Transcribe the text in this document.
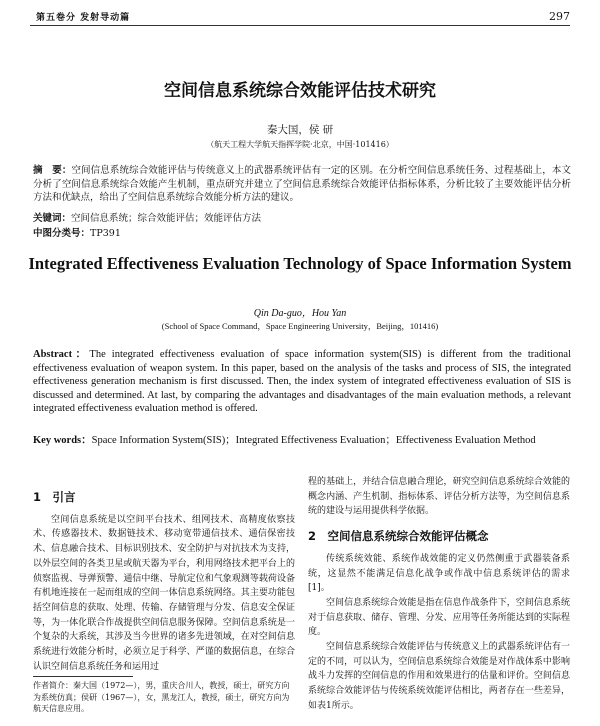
第五卷分 发射导动篇	297
空间信息系统综合效能评估技术研究
秦大国，侯 研
（航天工程大学航天指挥学院·北京，中国·101416）
摘　要：空间信息系统综合效能评估与传统意义上的武器系统评估有一定的区别。在分析空间信息系统任务、过程基础上，本文分析了空间信息系统综合效能产生机制，重点研究并建立了空间信息系统综合效能评估指标体系，分析比较了主要效能评估分析方法和优缺点，给出了空间信息系统综合效能分析方法的建议。
关键词：空间信息系统；综合效能评估；效能评估方法
中图分类号：TP391
Integrated Effectiveness Evaluation Technology of Space Information System
Qin Da-guo，Hou Yan
(School of Space Command，Space Engineering University，Beijing，101416)
Abstract：The integrated effectiveness evaluation of space information system(SIS) is different from the traditional effectiveness evaluation of weapon system. In this paper, based on the analysis of the tasks and process of SIS, the integrated effectiveness generation mechanism is first discussed. Then, the index system of integrated effectiveness evaluation of SIS is discussed and determined. At last, by comparing the advantages and disadvantages of the main evaluation methods, a relevant integrated effectiveness evaluation method is offered.
Key words：Space Information System(SIS)；Integrated Effectiveness Evaluation；Effectiveness Evaluation Method
1　引言

空间信息系统是以空间平台技术、组网技术、高精度依察技术、传感器技术、数据链技术、移动宽带通信技术、通信保密技术、信息融合技术、目标识别技术、安全防护与对抗技术为支持，以外层空间的各类卫星或航天器为平台，利用网络技术把平台上的侦察监视、导弹预警、通信中继、导航定位和气象观测等载荷设备有机地连接在一起而组成的空间一体信息系统网络。其主要功能包括空间信息的获取、处理、传输、存储管理与分发、信息安全保证等，为一体化联合作战提供空间信息服务保障。空间信息系统是一个复杂的大系统，其涉及当今世界的诸多先进领域，在对空间信息系统进行效能分析时，必须立足于科学、严谨的数据信息，在综合认识空间信息系统任务和运用过

程的基础上，并结合信息融合理论，研究空间信息系统综合效能的概念内涵、产生机制、指标体系、评估分析方法等，为空间信息系统的建设与运用提供科学依据。

2　空间信息系统综合效能评估概念

传统系统效能、系统作战效能的定义仍然侧重于武器装备系统，这显然不能满足信息化战争或作战中信息系统评估的需求[1]。

空间信息系统综合效能是指在信息作战条件下，空间信息系统对于信息获取、储存、管理、分发、应用等任务所能达到的实际程度。

空间信息系统综合效能评估与传统意义上的武器系统评估有一定的不同，可以认为，空间信息系统综合效能是对作战体系中影响战斗力发挥的空间信息的作用和效果进行的估量和评价。空间信息系统综合效能评估与传统系统效能评估相比，两者存在一些差异，如表1所示。

作者简介：秦大国（1972—），男，重庆合川人，教授，硕士，研究方向为系统仿真；侯研（1967—），女，黑龙江人，教授，硕士，研究方向为航天信息应用。
